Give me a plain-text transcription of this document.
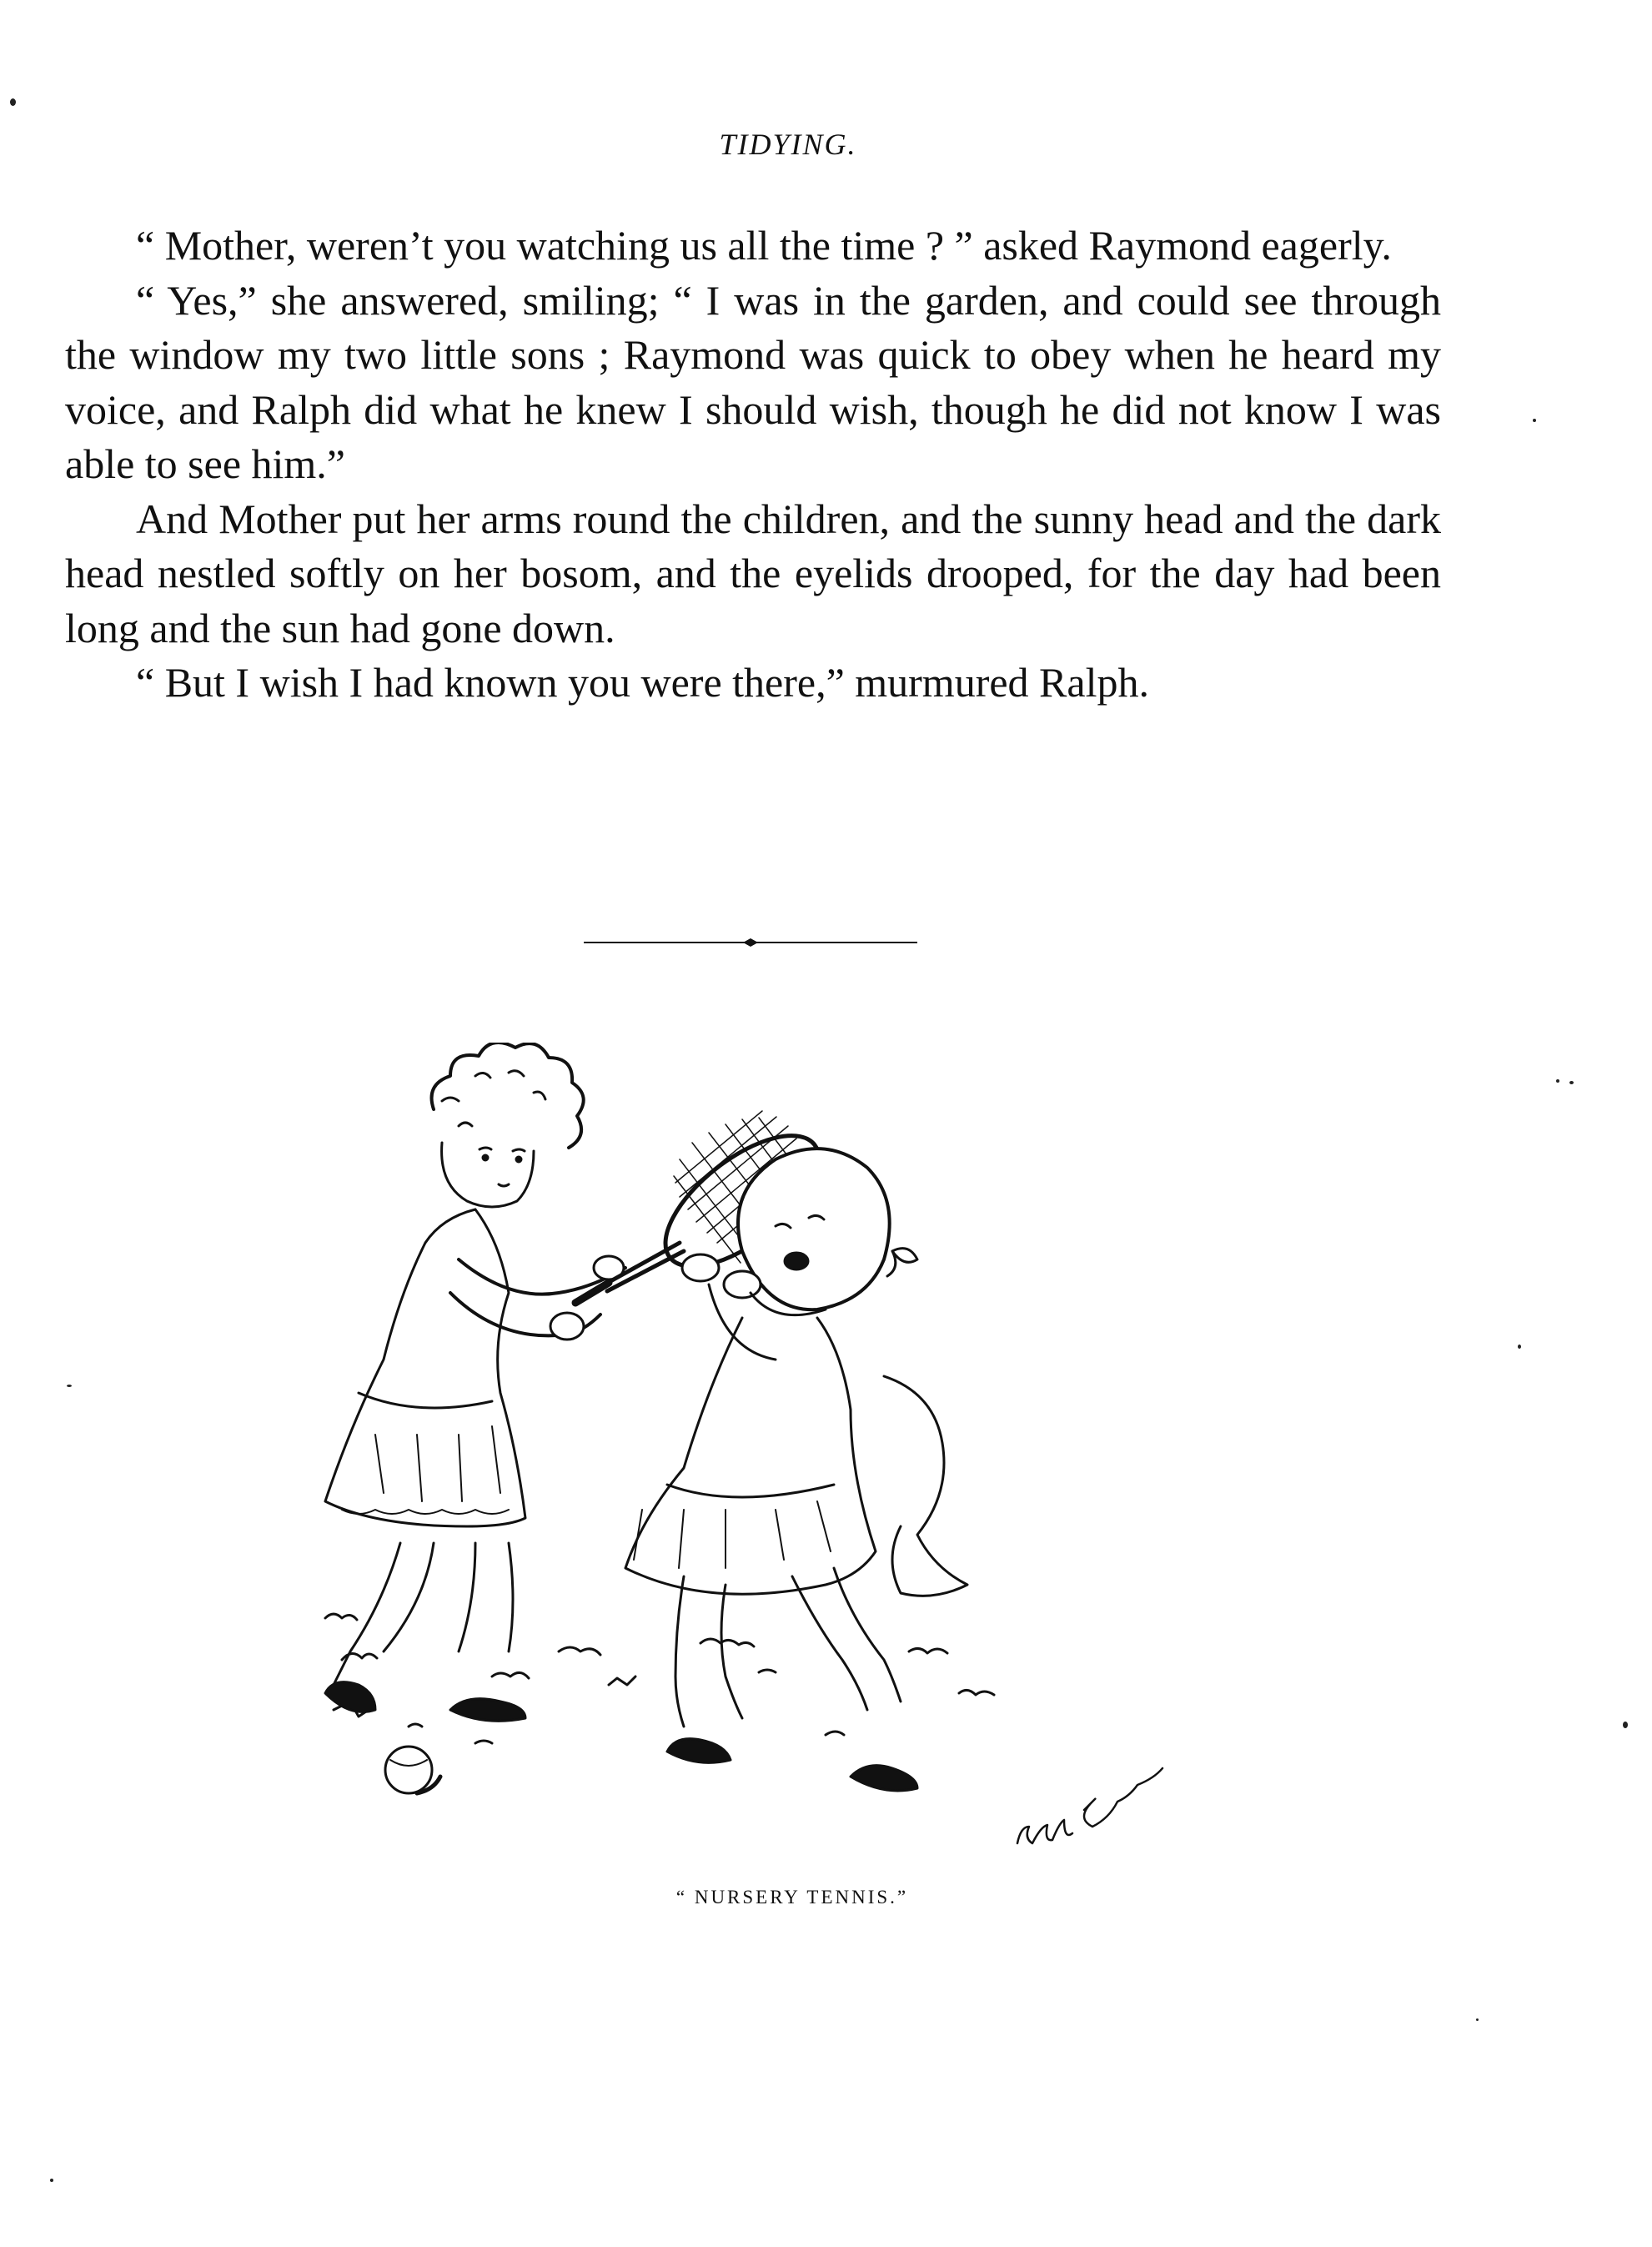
TIDYING.

“ Mother, weren’t you watching us all the time ? ” asked Raymond eagerly.

“ Yes,” she answered, smiling; “ I was in the garden, and could see through the window my two little sons ; Raymond was quick to obey when he heard my voice, and Ralph did what he knew I should wish, though he did not know I was able to see him.”

And Mother put her arms round the children, and the sunny head and the dark head nestled softly on her bosom, and the eyelids drooped, for the day had been long and the sun had gone down.

“ But I wish I had known you were there,” murmured Ralph.

“ NURSERY TENNIS.”
